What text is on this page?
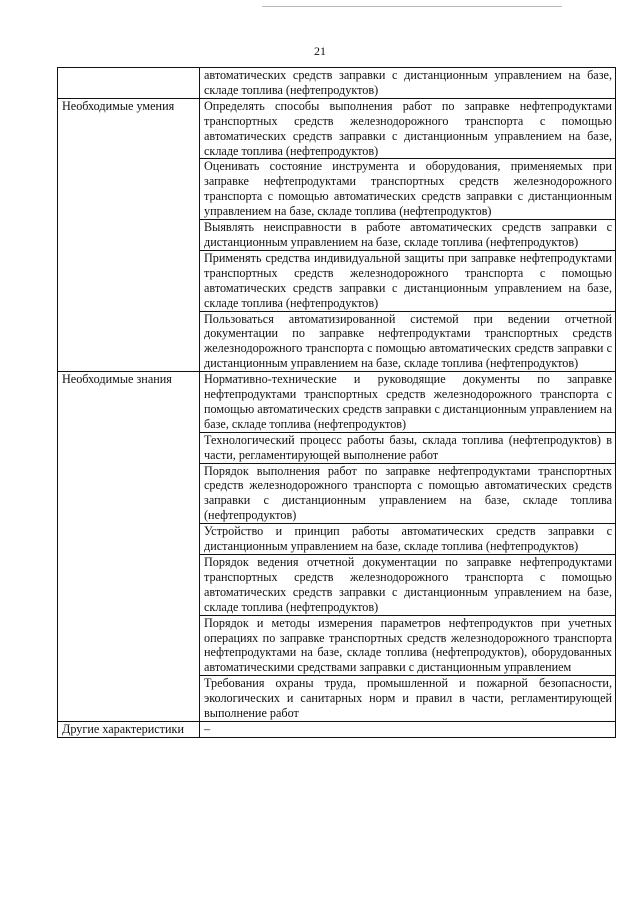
21
	автоматических средств заправки с дистанционным управлением на базе, складе топлива (нефтепродуктов)
Необходимые умения	Определять способы выполнения работ по заправке нефтепродуктами транспортных средств железнодорожного транспорта с помощью автоматических средств заправки с дистанционным управлением на базе, складе топлива (нефтепродуктов)
	Оценивать состояние инструмента и оборудования, применяемых при заправке нефтепродуктами транспортных средств железнодорожного транспорта с помощью автоматических средств заправки с дистанционным управлением на базе, складе топлива (нефтепродуктов)
	Выявлять неисправности в работе автоматических средств заправки с дистанционным управлением на базе, складе топлива (нефтепродуктов)
	Применять средства индивидуальной защиты при заправке нефтепродуктами транспортных средств железнодорожного транспорта с помощью автоматических средств заправки с дистанционным управлением на базе, складе топлива (нефтепродуктов)
	Пользоваться автоматизированной системой при ведении отчетной документации по заправке нефтепродуктами транспортных средств железнодорожного транспорта с помощью автоматических средств заправки с дистанционным управлением на базе, складе топлива (нефтепродуктов)
Необходимые знания	Нормативно-технические и руководящие документы по заправке нефтепродуктами транспортных средств железнодорожного транспорта с помощью автоматических средств заправки с дистанционным управлением на базе, складе топлива (нефтепродуктов)
	Технологический процесс работы базы, склада топлива (нефтепродуктов) в части, регламентирующей выполнение работ
	Порядок выполнения работ по заправке нефтепродуктами транспортных средств железнодорожного транспорта с помощью автоматических средств заправки с дистанционным управлением на базе, складе топлива (нефтепродуктов)
	Устройство и принцип работы автоматических средств заправки с дистанционным управлением на базе, складе топлива (нефтепродуктов)
	Порядок ведения отчетной документации по заправке нефтепродуктами транспортных средств железнодорожного транспорта с помощью автоматических средств заправки с дистанционным управлением на базе, складе топлива (нефтепродуктов)
	Порядок и методы измерения параметров нефтепродуктов при учетных операциях по заправке транспортных средств железнодорожного транспорта нефтепродуктами на базе, складе топлива (нефтепродуктов), оборудованных автоматическими средствами заправки с дистанционным управлением
	Требования охраны труда, промышленной и пожарной безопасности, экологических и санитарных норм и правил в части, регламентирующей выполнение работ
Другие характеристики	–
